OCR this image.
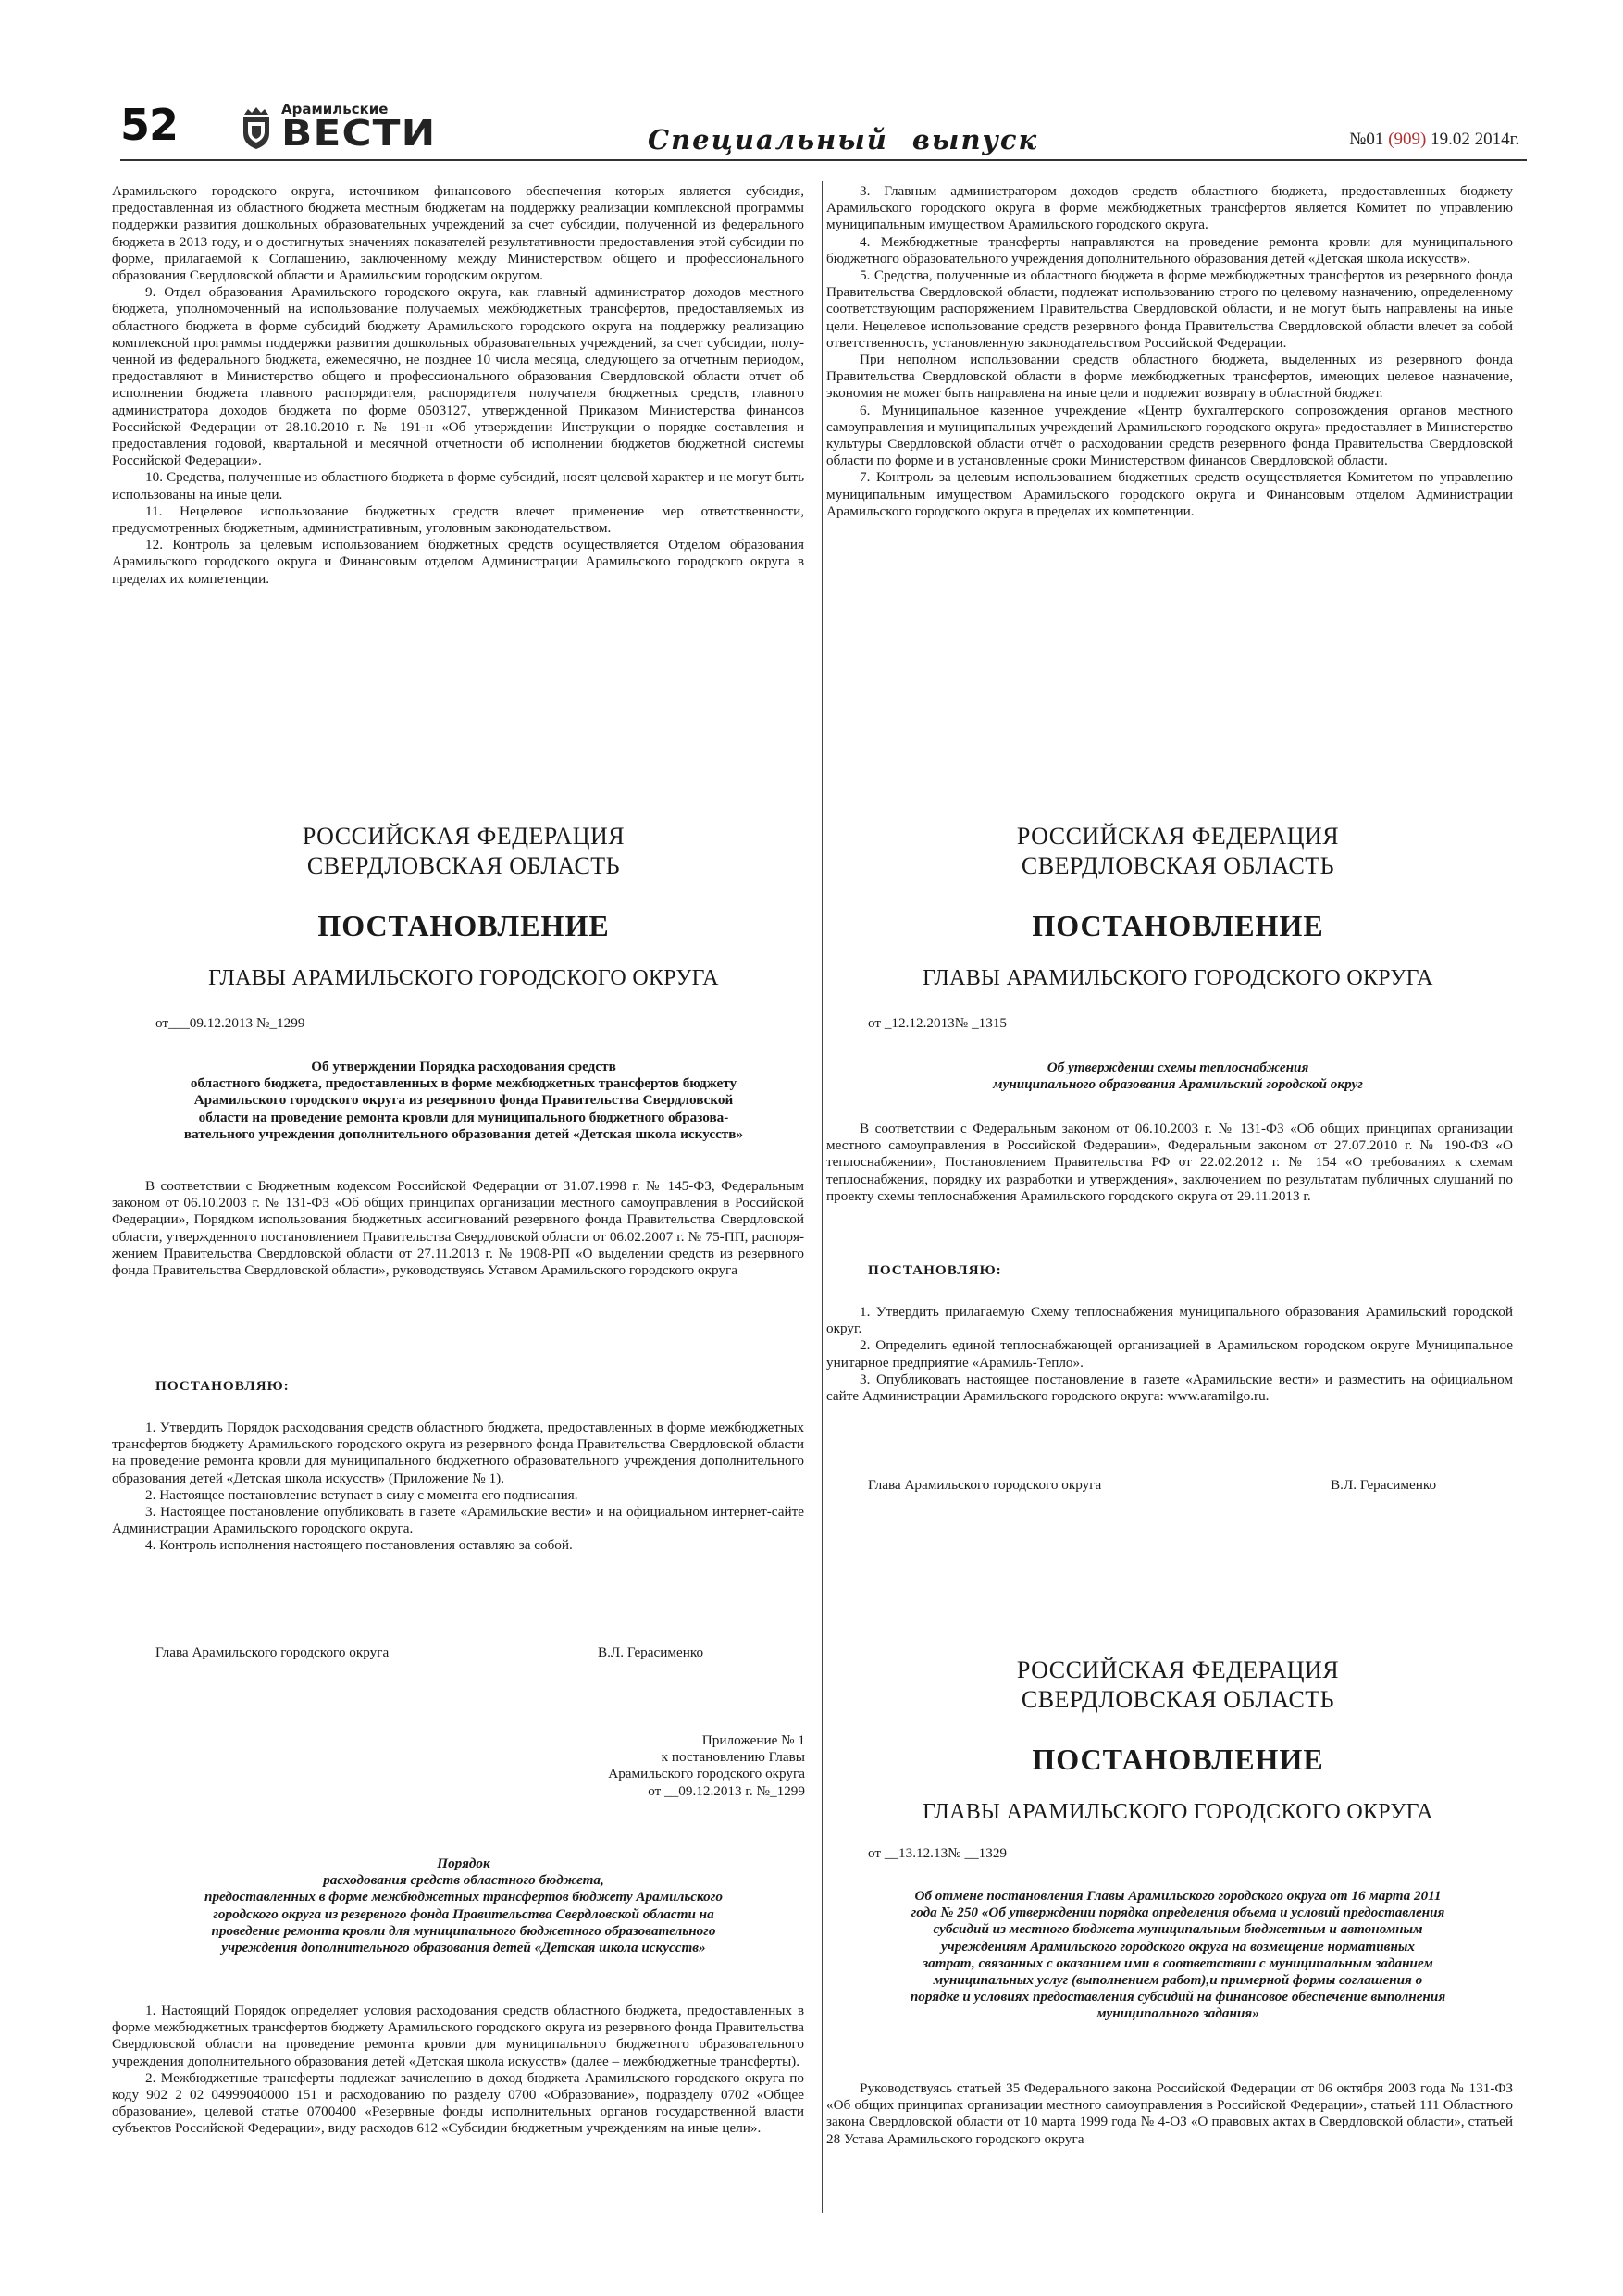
52	Арамильские
ВЕСТИ	Специальный выпуск	№01 (909) 19.02 2014г.

Арамильского городского округа, источником финансового обеспечения которых является субсидия, предоставленная из областного бюджета местным бюджетам на поддержку реализации комплексной программы поддержки развития дошкольных образовательных учреждений за счет субсидии, полученной из федерального бюджета в 2013 году, и о достигнутых значениях показателей результативности предоставления этой субсидии по форме, прилагаемой к Соглашению, заключенному между Министерством общего и профессионального образования Свердловской области и Арамильским городским округом.

9. Отдел образования Арамильского городского округа, как главный администратор доходов местного бюджета, уполномоченный на использование получаемых межбюджетных трансфертов, предоставляемых из областного бюджета в форме субсидий бюджету Арамильского городского округа на поддержку реализацию комплексной программы поддержки развития дошкольных образовательных учреждений, за счет субсидии, полученной из федерального бюджета, ежемесячно, не позднее 10 числа месяца, следующего за отчетным периодом, предоставляют в Министерство общего и профессионального образования Свердловской области отчет об исполнении бюджета главного распорядителя, распорядителя получателя бюджетных средств, главного администратора доходов бюджета по форме 0503127, утвержденной Приказом Министерства финансов Российской Федерации от 28.10.2010 г. № 191-н «Об утверждении Инструкции о порядке составления и предоставления годовой, квартальной и месячной отчетности об исполнении бюджетов бюджетной системы Российской Федерации».

10. Средства, полученные из областного бюджета в форме субсидий, носят целевой характер и не могут быть использованы на иные цели.

11. Нецелевое использование бюджетных средств влечет применение мер ответственности, предусмотренных бюджетным, административным, уголовным законодательством.

12. Контроль за целевым использованием бюджетных средств осуществляется Отделом образования Арамильского городского округа и Финансовым отделом Администрации Арамильского городского округа в пределах их компетенции.

3. Главным администратором доходов средств областного бюджета, предоставленных бюджету Арамильского городского округа в форме межбюджетных трансфертов является Комитет по управлению муниципальным имуществом Арамильского городского округа.

4. Межбюджетные трансферты направляются на проведение ремонта кровли для муниципального бюджетного образовательного учреждения дополнительного образования детей «Детская школа искусств».

5. Средства, полученные из областного бюджета в форме межбюджетных трансфертов из резервного фонда Правительства Свердловской области, подлежат использованию строго по целевому назначению, определенному соответствующим распоряжением Правительства Свердловской области, и не могут быть направлены на иные цели. Нецелевое использование средств резервного фонда Правительства Свердловской области влечет за собой ответственность, установленную законодательством Российской Федерации.

При неполном использовании средств областного бюджета, выделенных из резервного фонда Правительства Свердловской области в форме межбюджетных трансфертов, имеющих целевое назначение, экономия не может быть направлена на иные цели и подлежит возврату в областной бюджет.

6. Муниципальное казенное учреждение «Центр бухгалтерского сопровождения органов местного самоуправления и муниципальных учреждений Арамильского городского округа» предоставляет в Министерство культуры Свердловской области отчёт о расходовании средств резервного фонда Правительства Свердловской области по форме и в установленные сроки Министерством финансов Свердловской области.

7. Контроль за целевым использованием бюджетных средств осуществляется Комитетом по управлению муниципальным имуществом Арамильского городского округа и Финансовым отделом Администрации Арамильского городского округа в пределах их компетенции.

РОССИЙСКАЯ ФЕДЕРАЦИЯ
СВЕРДЛОВСКАЯ ОБЛАСТЬ
ПОСТАНОВЛЕНИЕ
ГЛАВЫ АРАМИЛЬСКОГО ГОРОДСКОГО ОКРУГА
от___09.12.2013 №_1299
Об утверждении Порядка расходования средств
областного бюджета, предоставленных в форме межбюджетных трансфертов бюджету
Арамильского городского округа из резервного фонда Правительства Свердловской
области на проведение ремонта кровли для муниципального бюджетного образова-
вательного учреждения дополнительного образования детей «Детская школа искусств»

В соответствии с Бюджетным кодексом Российской Федерации от 31.07.1998 г. № 145-ФЗ, Федеральным законом от 06.10.2003 г. № 131-ФЗ «Об общих принципах организации местного самоуправления в Российской Федерации», Порядком использования бюджетных ассигнований резервного фонда Правительства Свердловской области, утвержденного постановлением Правительства Свердловской области от 06.02.2007 г. № 75-ПП, распоряжением Правительства Свердловской области от 27.11.2013 г. № 1908-РП «О выделении средств из резервного фонда Правительства Свердловской области», руководствуясь Уставом Арамильского городского округа

ПОСТАНОВЛЯЮ:

1. Утвердить Порядок расходования средств областного бюджета, предоставленных в форме межбюджетных трансфертов бюджету Арамильского городского округа из резервного фонда Правительства Свердловской области на проведение ремонта кровли для муниципального бюджетного образовательного учреждения дополнительного образования детей «Детская школа искусств» (Приложение № 1).

2. Настоящее постановление вступает в силу с момента его подписания.

3. Настоящее постановление опубликовать в газете «Арамильские вести» и на официальном интернет-сайте Администрации Арамильского городского округа.

4. Контроль исполнения настоящего постановления оставляю за собой.

Глава Арамильского городского округа	В.Л. Герасименко
Приложение № 1
к постановлению Главы
Арамильского городского округа
от __09.12.2013 г. №_1299
Порядок
расходования средств областного бюджета,
предоставленных в форме межбюджетных трансфертов бюджету Арамильского
городского округа из резервного фонда Правительства Свердловской области на
проведение ремонта кровли для муниципального бюджетного образовательного
учреждения дополнительного образования детей «Детская школа искусств»

1. Настоящий Порядок определяет условия расходования средств областного бюджета, предоставленных в форме межбюджетных трансфертов бюджету Арамильского городского округа из резервного фонда Правительства Свердловской области на проведение ремонта кровли для муниципального бюджетного образовательного учреждения дополнительного образования детей «Детская школа искусств» (далее – межбюджетные трансферты).

2. Межбюджетные трансферты подлежат зачислению в доход бюджета Арамильского городского округа по коду 902 2 02 04999040000 151 и расходованию по разделу 0700 «Образование», подразделу 0702 «Общее образование», целевой статье 0700400 «Резервные фонды исполнительных органов государственной власти субъектов Российской Федерации», виду расходов 612 «Субсидии бюджетным учреждениям на иные цели».

РОССИЙСКАЯ ФЕДЕРАЦИЯ
СВЕРДЛОВСКАЯ ОБЛАСТЬ
ПОСТАНОВЛЕНИЕ
ГЛАВЫ АРАМИЛЬСКОГО ГОРОДСКОГО ОКРУГА
от _12.12.2013№ _1315
Об утверждении схемы теплоснабжения
муниципального образования Арамильский городской округ

В соответствии с Федеральным законом от 06.10.2003 г. № 131-ФЗ «Об общих принципах организации местного самоуправления в Российской Федерации», Федеральным законом от 27.07.2010 г. № 190-ФЗ «О теплоснабжении», Постановлением Правительства РФ от 22.02.2012 г. № 154 «О требованиях к схемам теплоснабжения, порядку их разработки и утверждения», заключением по результатам публичных слушаний по проекту схемы теплоснабжения Арамильского городского округа от 29.11.2013 г.

ПОСТАНОВЛЯЮ:

1. Утвердить прилагаемую Схему теплоснабжения муниципального образования Арамильский городской округ.

2. Определить единой теплоснабжающей организацией в Арамильском городском округе Муниципальное унитарное предприятие «Арамиль-Тепло».

3. Опубликовать настоящее постановление в газете «Арамильские вести» и разместить на официальном сайте Администрации Арамильского городского округа: www.aramilgo.ru.

Глава Арамильского городского округа	В.Л. Герасименко
РОССИЙСКАЯ ФЕДЕРАЦИЯ
СВЕРДЛОВСКАЯ ОБЛАСТЬ
ПОСТАНОВЛЕНИЕ
ГЛАВЫ АРАМИЛЬСКОГО ГОРОДСКОГО ОКРУГА
от __13.12.13№ __1329
Об отмене постановления Главы Арамильского городского округа от 16 марта 2011
года № 250 «Об утверждении порядка определения объема и условий предоставления
субсидий из местного бюджета муниципальным бюджетным и автономным
учреждениям Арамильского городского округа на возмещение нормативных
затрат, связанных с оказанием ими в соответствии с муниципальным заданием
муниципальных услуг (выполнением работ),и примерной формы соглашения о
порядке и условиях предоставления субсидий на финансовое обеспечение выполнения
муниципального задания»

Руководствуясь статьей 35 Федерального закона Российской Федерации от 06 октября 2003 года № 131-ФЗ «Об общих принципах организации местного самоуправления в Российской Федерации», статьей 111 Областного закона Свердловской области от 10 марта 1999 года № 4-ОЗ «О правовых актах в Свердловской области», статьей 28 Устава Арамильского городского округа
